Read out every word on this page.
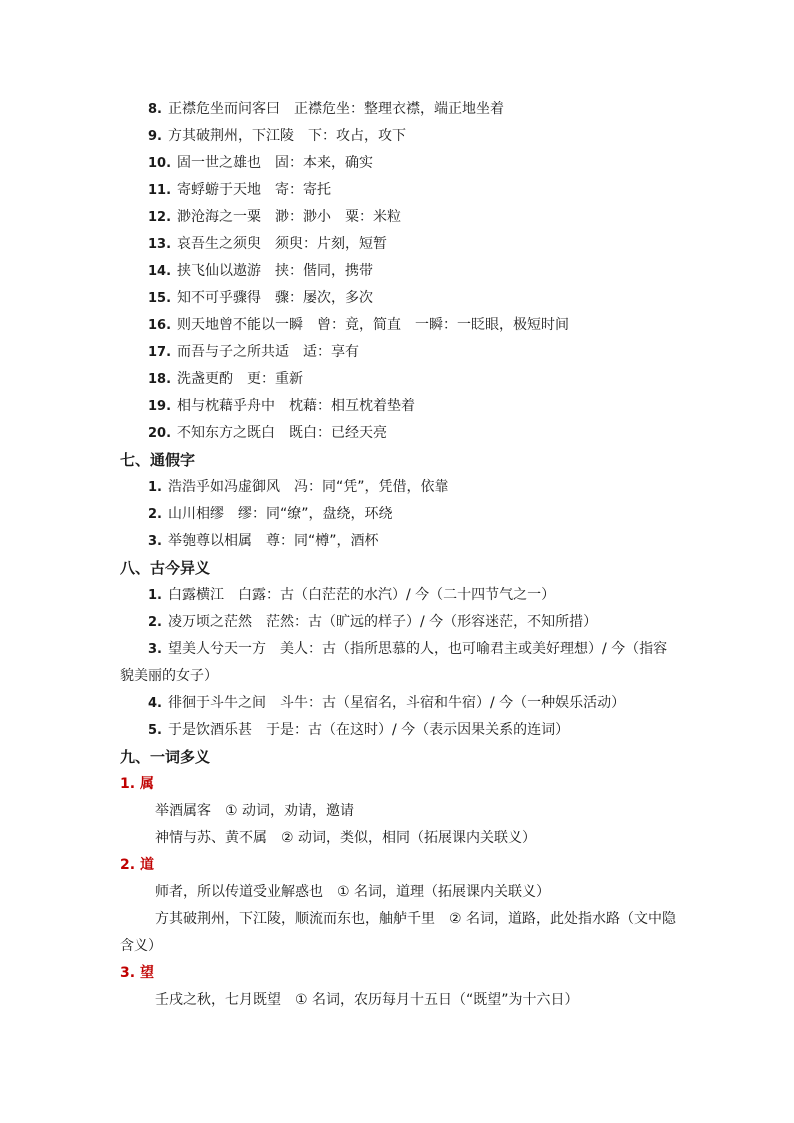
8. 正襟危坐而问客曰　正襟危坐：整理衣襟，端正地坐着
9. 方其破荆州，下江陵　下：攻占，攻下
10. 固一世之雄也　固：本来，确实
11. 寄蜉蝣于天地　寄：寄托
12. 渺沧海之一粟　渺：渺小　粟：米粒
13. 哀吾生之须臾　须臾：片刻，短暂
14. 挟飞仙以遨游　挟：偕同，携带
15. 知不可乎骤得　骤：屡次，多次
16. 则天地曾不能以一瞬　曾：竟，简直　一瞬：一眨眼，极短时间
17. 而吾与子之所共适　适：享有
18. 洗盏更酌　更：重新
19. 相与枕藉乎舟中　枕藉：相互枕着垫着
20. 不知东方之既白　既白：已经天亮
七、通假字
1. 浩浩乎如冯虚御风　冯：同“凭”，凭借，依靠
2. 山川相缪　缪：同“缭”，盘绕，环绕
3. 举匏尊以相属　尊：同“樽”，酒杯
八、古今异义
1. 白露横江　白露：古（白茫茫的水汽）/ 今（二十四节气之一）
2. 凌万顷之茫然　茫然：古（旷远的样子）/ 今（形容迷茫，不知所措）
3. 望美人兮天一方　美人：古（指所思慕的人，也可喻君主或美好理想）/ 今（指容
貌美丽的女子）
4. 徘徊于斗牛之间　斗牛：古（星宿名，斗宿和牛宿）/ 今（一种娱乐活动）
5. 于是饮酒乐甚　于是：古（在这时）/ 今（表示因果关系的连词）
九、一词多义
1. 属
举酒属客　① 动词，劝请，邀请
神情与苏、黄不属　② 动词，类似，相同（拓展课内关联义）
2. 道
师者，所以传道受业解惑也　① 名词，道理（拓展课内关联义）
方其破荆州，下江陵，顺流而东也，舳舻千里　② 名词，道路，此处指水路（文中隐
含义）
3. 望
壬戌之秋，七月既望　① 名词，农历每月十五日（“既望”为十六日）
